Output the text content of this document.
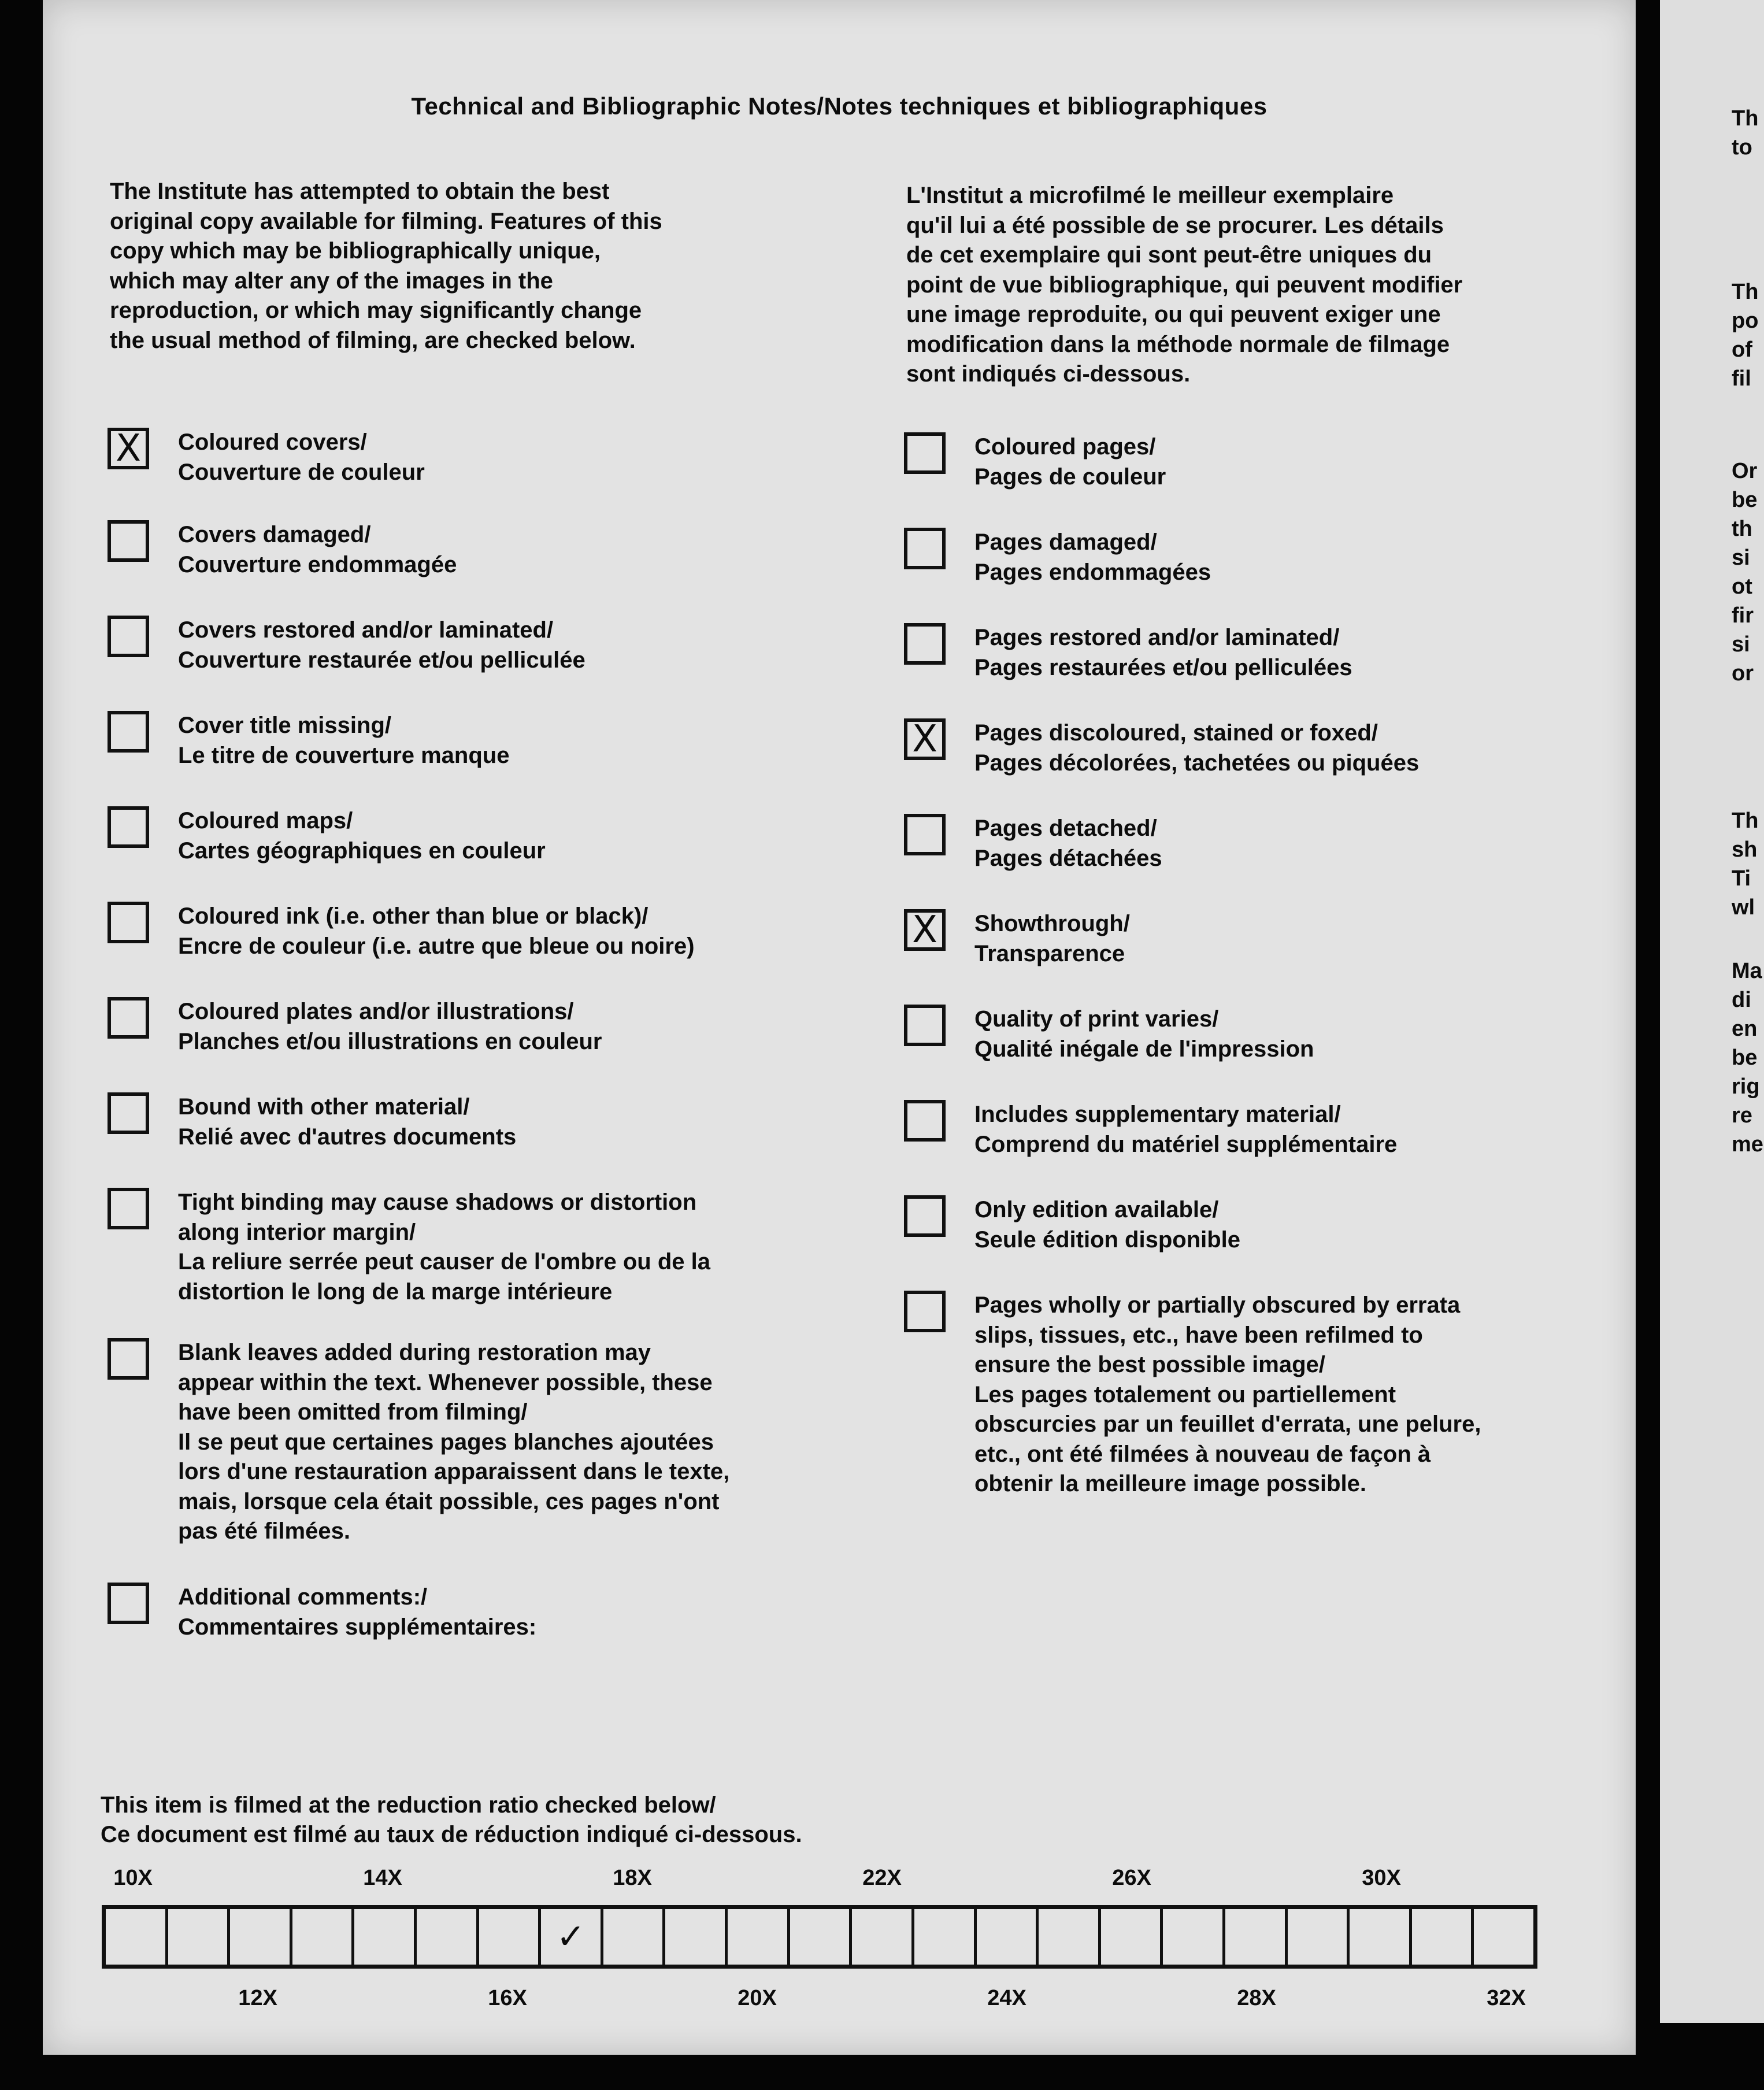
Technical and Bibliographic Notes/Notes techniques et bibliographiques
The Institute has attempted to obtain the best
original copy available for filming. Features of this
copy which may be bibliographically unique,
which may alter any of the images in the
reproduction, or which may significantly change
the usual method of filming, are checked below.
L'Institut a microfilmé le meilleur exemplaire
qu'il lui a été possible de se procurer. Les détails
de cet exemplaire qui sont peut-être uniques du
point de vue bibliographique, qui peuvent modifier
une image reproduite, ou qui peuvent exiger une
modification dans la méthode normale de filmage
sont indiqués ci-dessous.
X	Coloured covers/
Couverture de couleur
Covers damaged/
Couverture endommagée
Covers restored and/or laminated/
Couverture restaurée et/ou pelliculée
Cover title missing/
Le titre de couverture manque
Coloured maps/
Cartes géographiques en couleur
Coloured ink (i.e. other than blue or black)/
Encre de couleur (i.e. autre que bleue ou noire)
Coloured plates and/or illustrations/
Planches et/ou illustrations en couleur
Bound with other material/
Relié avec d'autres documents
Tight binding may cause shadows or distortion
along interior margin/
La reliure serrée peut causer de l'ombre ou de la
distortion le long de la marge intérieure
Blank leaves added during restoration may
appear within the text. Whenever possible, these
have been omitted from filming/
Il se peut que certaines pages blanches ajoutées
lors d'une restauration apparaissent dans le texte,
mais, lorsque cela était possible, ces pages n'ont
pas été filmées.
Additional comments:/
Commentaires supplémentaires:
Coloured pages/
Pages de couleur
Pages damaged/
Pages endommagées
Pages restored and/or laminated/
Pages restaurées et/ou pelliculées
X	Pages discoloured, stained or foxed/
Pages décolorées, tachetées ou piquées
Pages detached/
Pages détachées
X	Showthrough/
Transparence
Quality of print varies/
Qualité inégale de l'impression
Includes supplementary material/
Comprend du matériel supplémentaire
Only edition available/
Seule édition disponible
Pages wholly or partially obscured by errata
slips, tissues, etc., have been refilmed to
ensure the best possible image/
Les pages totalement ou partiellement
obscurcies par un feuillet d'errata, une pelure,
etc., ont été filmées à nouveau de façon à
obtenir la meilleure image possible.
This item is filmed at the reduction ratio checked below/
Ce document est filmé au taux de réduction indiqué ci-dessous.
10X	14X	18X	22X	26X	30X
✓
12X	16X	20X	24X	28X	32X
Th
to
Th
po
of
fil
Or
be
th
si
ot
fir
si
or
Th
sh
Ti
wl
Ma
di
en
be
rig
re
me
